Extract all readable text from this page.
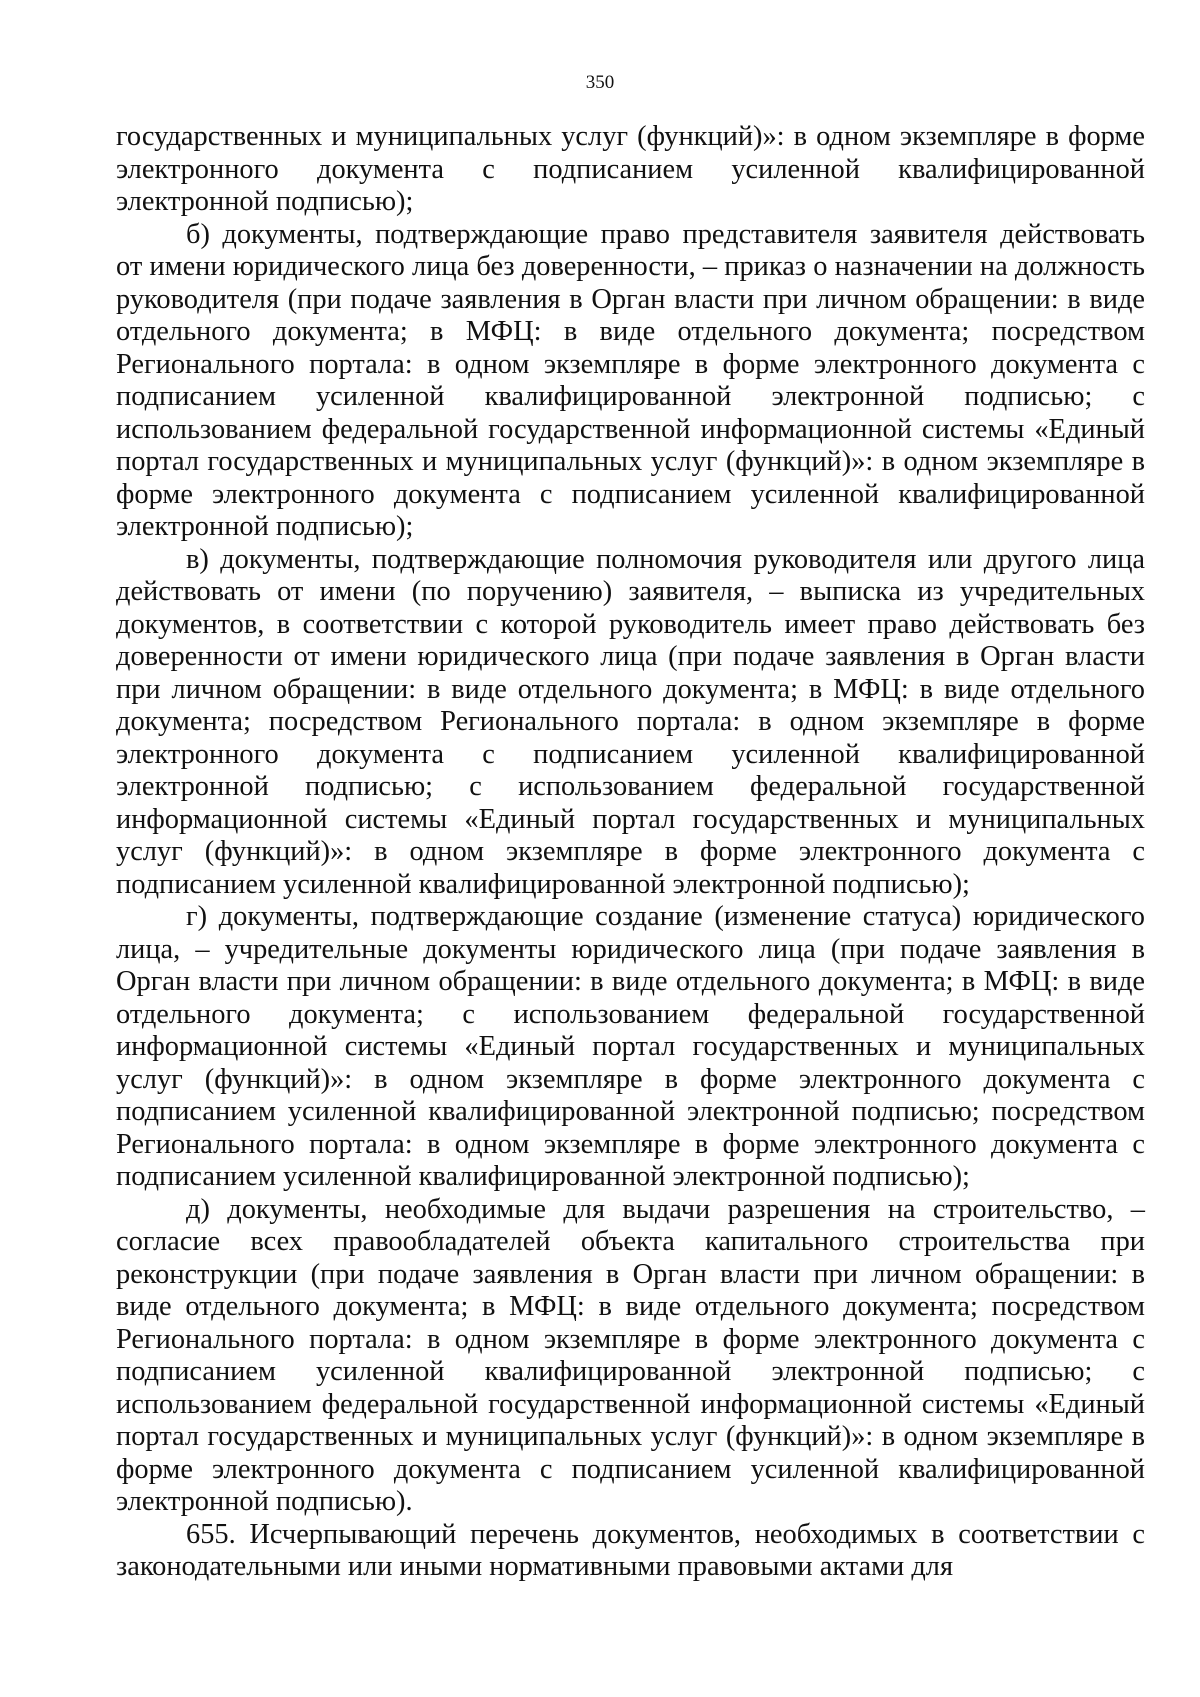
350

государственных и муниципальных услуг (функций)»: в одном экземпляре в форме электронного документа с подписанием усиленной квалифицированной электронной подписью);

б) документы, подтверждающие право представителя заявителя действовать от имени юридического лица без доверенности, – приказ о назначении на должность руководителя (при подаче заявления в Орган власти при личном обращении: в виде отдельного документа; в МФЦ: в виде отдельного документа; посредством Регионального портала: в одном экземпляре в форме электронного документа с подписанием усиленной квалифицированной электронной подписью; с использованием федеральной государственной информационной системы «Единый портал государственных и муниципальных услуг (функций)»: в одном экземпляре в форме электронного документа с подписанием усиленной квалифицированной электронной подписью);

в) документы, подтверждающие полномочия руководителя или другого лица действовать от имени (по поручению) заявителя, – выписка из учредительных документов, в соответствии с которой руководитель имеет право действовать без доверенности от имени юридического лица (при подаче заявления в Орган власти при личном обращении: в виде отдельного документа; в МФЦ: в виде отдельного документа; посредством Регионального портала: в одном экземпляре в форме электронного документа с подписанием усиленной квалифицированной электронной подписью; с использованием федеральной государственной информационной системы «Единый портал государственных и муниципальных услуг (функций)»: в одном экземпляре в форме электронного документа с подписанием усиленной квалифицированной электронной подписью);

г) документы, подтверждающие создание (изменение статуса) юридического лица, – учредительные документы юридического лица (при подаче заявления в Орган власти при личном обращении: в виде отдельного документа; в МФЦ: в виде отдельного документа; с использованием федеральной государственной информационной системы «Единый портал государственных и муниципальных услуг (функций)»: в одном экземпляре в форме электронного документа с подписанием усиленной квалифицированной электронной подписью; посредством Регионального портала: в одном экземпляре в форме электронного документа с подписанием усиленной квалифицированной электронной подписью);

д) документы, необходимые для выдачи разрешения на строительство, – согласие всех правообладателей объекта капитального строительства при реконструкции (при подаче заявления в Орган власти при личном обращении: в виде отдельного документа; в МФЦ: в виде отдельного документа; посредством Регионального портала: в одном экземпляре в форме электронного документа с подписанием усиленной квалифицированной электронной подписью; с использованием федеральной государственной информационной системы «Единый портал государственных и муниципальных услуг (функций)»: в одном экземпляре в форме электронного документа с подписанием усиленной квалифицированной электронной подписью).

655. Исчерпывающий перечень документов, необходимых в соответствии с законодательными или иными нормативными правовыми актами для
